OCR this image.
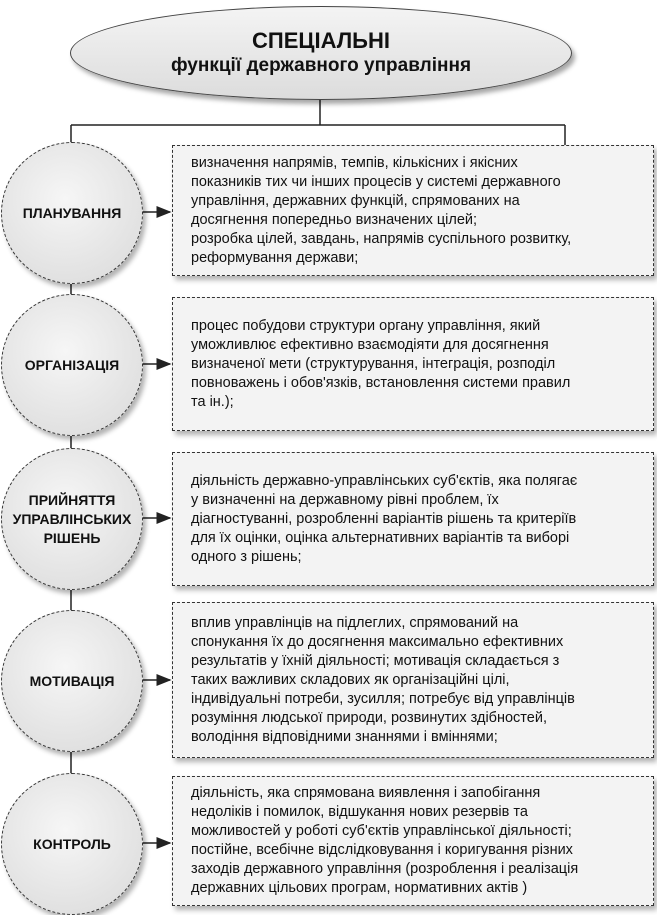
СПЕЦІАЛЬНІ
функції державного управління
ПЛАНУВАННЯ
визначення напрямів, темпів, кількісних і якісних
показників тих чи інших процесів у системі державного
управління, державних функцій, спрямованих на
досягнення попередньо визначених цілей;
розробка цілей, завдань, напрямів суспільного розвитку,
реформування держави;
ОРГАНІЗАЦІЯ
процес побудови структури органу управління, який
уможливлює ефективно взаємодіяти для досягнення
визначеної мети (структурування, інтеграція, розподіл
повноважень і обов'язків, встановлення системи правил
та ін.);
ПРИЙНЯТТЯ
УПРАВЛІНСЬКИХ
РІШЕНЬ
діяльність державно-управлінських суб'єктів, яка полягає
у визначенні на державному рівні проблем, їх
діагностуванні, розробленні варіантів рішень та критеріїв
для їх оцінки, оцінка альтернативних варіантів та виборі
одного з рішень;
МОТИВАЦІЯ
вплив управлінців на підлеглих, спрямований на
спонукання їх до досягнення максимально ефективних
результатів у їхній діяльності; мотивація складається з
таких важливих складових як організаційні цілі,
індивідуальні потреби, зусилля; потребує від управлінців
розуміння людської природи, розвинутих здібностей,
володіння відповідними знаннями і вміннями;
КОНТРОЛЬ
діяльність, яка спрямована виявлення і запобігання
недоліків і помилок, відшукання нових резервів та
можливостей у роботі суб'єктів управлінської діяльності;
постійне, всебічне відслідковування і коригування різних
заходів державного управління (розроблення і реалізація
державних цільових програм, нормативних актів )
